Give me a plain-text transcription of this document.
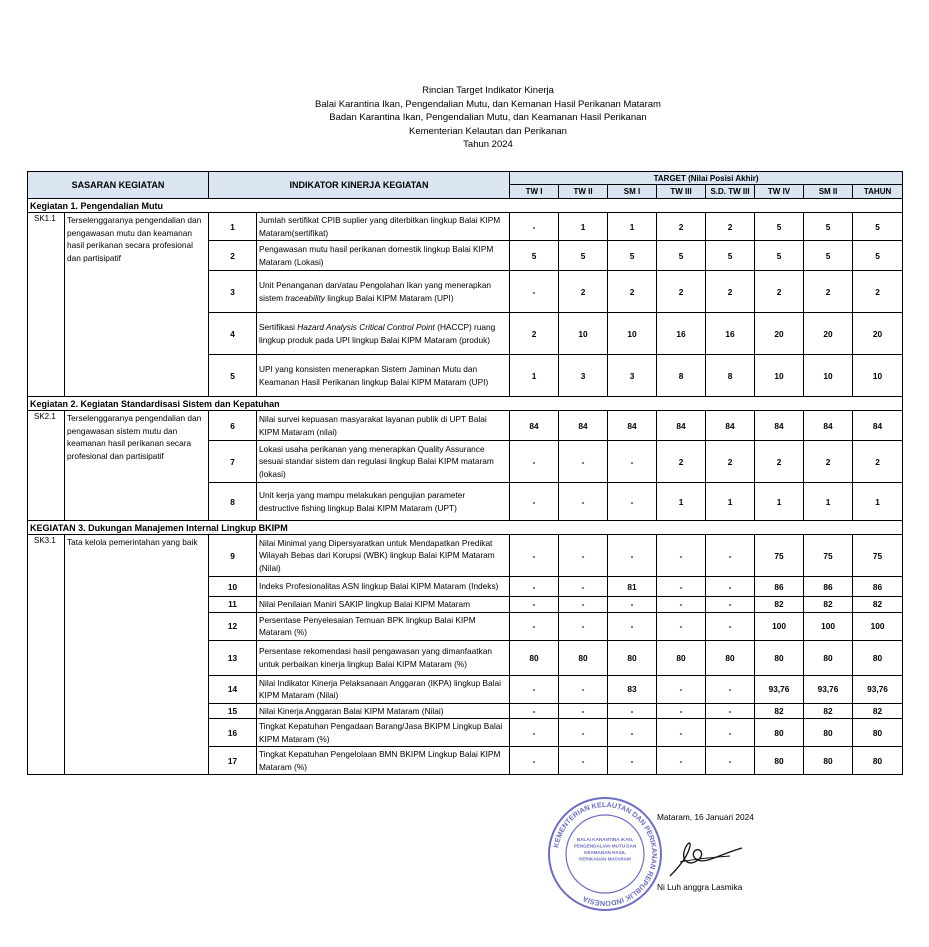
Rincian Target Indikator Kinerja
Balai Karantina Ikan, Pengendalian Mutu, dan Kemanan Hasil Perikanan Mataram
Badan Karantina Ikan, Pengendalian Mutu, dan Keamanan Hasil Perikanan
Kementerian Kelautan dan Perikanan
Tahun 2024
SASARAN KEGIATAN		INDIKATOR KINERJA KEGIATAN		TARGET (Nilai Posisi Akhir)							
				TW I	TW II	SM I	TW III	S.D. TW III	TW IV	SM II	TAHUN
Kegiatan 1. Pengendalian Mutu											
SK1.1	Terselenggaranya pengendalian dan pengawasan mutu dan keamanan hasil perikanan secara profesional dan partisipatif	1	Jumlah sertifikat CPIB suplier yang diterbitkan lingkup Balai KIPM Mataram(sertifikat)	-	1	1	2	2	5	5	5
		2	Pengawasan mutu hasil perikanan domestik lingkup Balai KIPM Mataram (Lokasi)	5	5	5	5	5	5	5	5
		3	Unit Penanganan dan/atau Pengolahan Ikan yang menerapkan sistem traceability lingkup Balai KIPM Mataram (UPI)	-	2	2	2	2	2	2	2
		4	Sertifikasi Hazard Analysis Critical Control Point (HACCP) ruang lingkup produk pada UPI lingkup Balai KIPM Mataram (produk)	2	10	10	16	16	20	20	20
		5	UPI yang konsisten menerapkan Sistem Jaminan Mutu dan Keamanan Hasil Perikanan lingkup Balai KIPM Mataram (UPI)	1	3	3	8	8	10	10	10
Kegiatan 2. Kegiatan Standardisasi Sistem dan Kepatuhan											
SK2.1	Terselenggaranya pengendalian dan pengawasan sistem mutu dan keamanan hasil perikanan secara profesional dan partisipatif	6	Nilai survei kepuasan masyarakat layanan publik di UPT Balai KIPM Mataram (nilai)	84	84	84	84	84	84	84	84
		7	Lokasi usaha perikanan yang menerapkan Quality Assurance sesuai standar sistem dan regulasi lingkup Balai KIPM mataram (lokasi)	-	-	-	2	2	2	2	2
		8	Unit kerja yang mampu melakukan pengujian parameter destructive fishing lingkup Balai KIPM Mataram (UPT)	-	-	-	1	1	1	1	1
KEGIATAN 3. Dukungan Manajemen Internal Lingkup BKIPM											
SK3.1	Tata kelola pemerintahan yang baik	9	Nilai Minimal yang Dipersyaratkan untuk Mendapatkan Predikat Wilayah Bebas dari Korupsi (WBK) lingkup Balai KIPM Mataram (Nilai)	-	-	-	-	-	75	75	75
		10	Indeks Profesionalitas ASN lingkup Balai KIPM Mataram (Indeks)	-	-	81	-	-	86	86	86
		11	Nilai Penilaian Maniri SAKIP lingkup Balai KIPM Mataram	-	-	-	-	-	82	82	82
		12	Persentase Penyelesaian Temuan BPK lingkup Balai KIPM Mataram (%)	-	-	-	-	-	100	100	100
		13	Persentase rekomendasi hasil pengawasan yang dimanfaatkan untuk perbaikan kinerja lingkup Balai KIPM Mataram (%)	80	80	80	80	80	80	80	80
		14	Nilai Indikator Kinerja Pelaksanaan Anggaran (IKPA) lingkup Balai KIPM Mataram (Nilai)	-	-	83	-	-	93,76	93,76	93,76
		15	Nilai Kinerja Anggaran Balai KIPM Mataram (Nilai)	-	-	-	-	-	82	82	82
		16	Tingkat Kepatuhan Pengadaan Barang/Jasa BKIPM Lingkup Balai KIPM Mataram (%)	-	-	-	-	-	80	80	80
		17	Tingkat Kepatuhan Pengelolaan BMN BKIPM Lingkup Balai KIPM Mataram (%)	-	-	-	-	-	80	80	80
KEMENTERIAN KELAUTAN DAN PERIKANAN REPUBLIK INDONESIA
BALAI KARANTINA IKAN,
PENGENDALIAN MUTU DAN
KEAMANAN HASIL
PERIKANAN MATARAM
Mataram, 16 Januari 2024
Ni Luh anggra Lasmika
